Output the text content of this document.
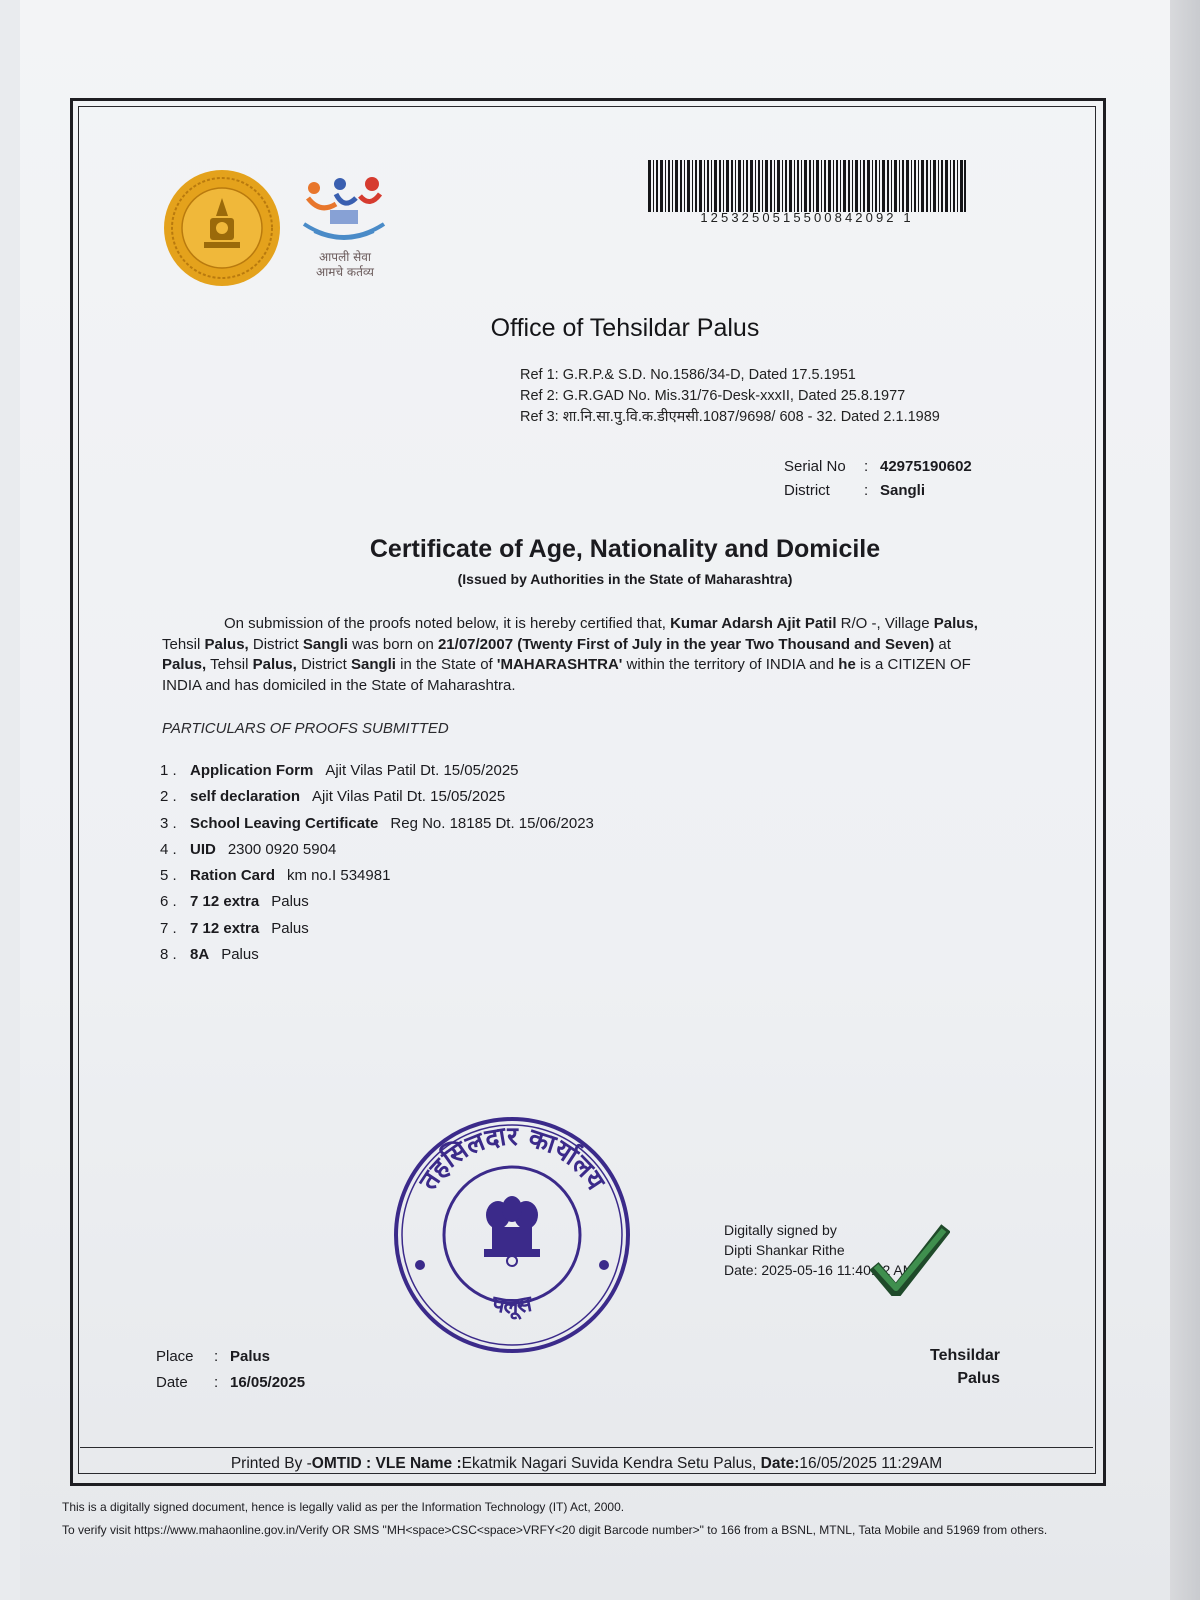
आपली सेवा
आमचे कर्तव्य
1253250515500842092 1
Office of Tehsildar Palus
Ref 1: G.R.P.& S.D. No.1586/34-D, Dated 17.5.1951
Ref 2: G.R.GAD No. Mis.31/76-Desk-xxxII, Dated 25.8.1977
Ref 3: शा.नि.सा.पु.वि.क.डीएमसी.1087/9698/ 608 - 32. Dated 2.1.1989
Serial No	:	42975190602
District	:	Sangli
Certificate of Age, Nationality and Domicile
(Issued by Authorities in the State of Maharashtra)
On submission of the proofs noted below, it is hereby certified that, Kumar Adarsh Ajit Patil R/O -, Village Palus, Tehsil Palus, District Sangli was born on 21/07/2007 (Twenty First of July in the year Two Thousand and Seven) at Palus, Tehsil Palus, District Sangli in the State of 'MAHARASHTRA' within the territory of INDIA and he is a CITIZEN OF INDIA and has domiciled in the State of Maharashtra.
PARTICULARS OF PROOFS SUBMITTED
1 . Application Form Ajit Vilas Patil Dt. 15/05/2025
2 . self declaration Ajit Vilas Patil Dt. 15/05/2025
3 . School Leaving Certificate Reg No. 18185 Dt. 15/06/2023
4 . UID 2300 0920 5904
5 . Ration Card km no.I 534981
6 . 7 12 extra Palus
7 . 7 12 extra Palus
8 . 8A Palus
तहसिलदार कार्यालय
पलूस
Digitally signed by
Dipti Shankar Rithe
Date: 2025-05-16 11:40:32 AM
Place	:	Palus
Date	:	16/05/2025
Tehsildar
Palus
Printed By -OMTID : VLE Name :Ekatmik Nagari Suvida Kendra Setu Palus, Date:16/05/2025 11:29AM
This is a digitally signed document, hence is legally valid as per the Information Technology (IT) Act, 2000.
To verify visit https://www.mahaonline.gov.in/Verify OR SMS "MH<space>CSC<space>VRFY<20 digit Barcode number>" to 166 from a BSNL, MTNL, Tata Mobile and 51969 from others.
